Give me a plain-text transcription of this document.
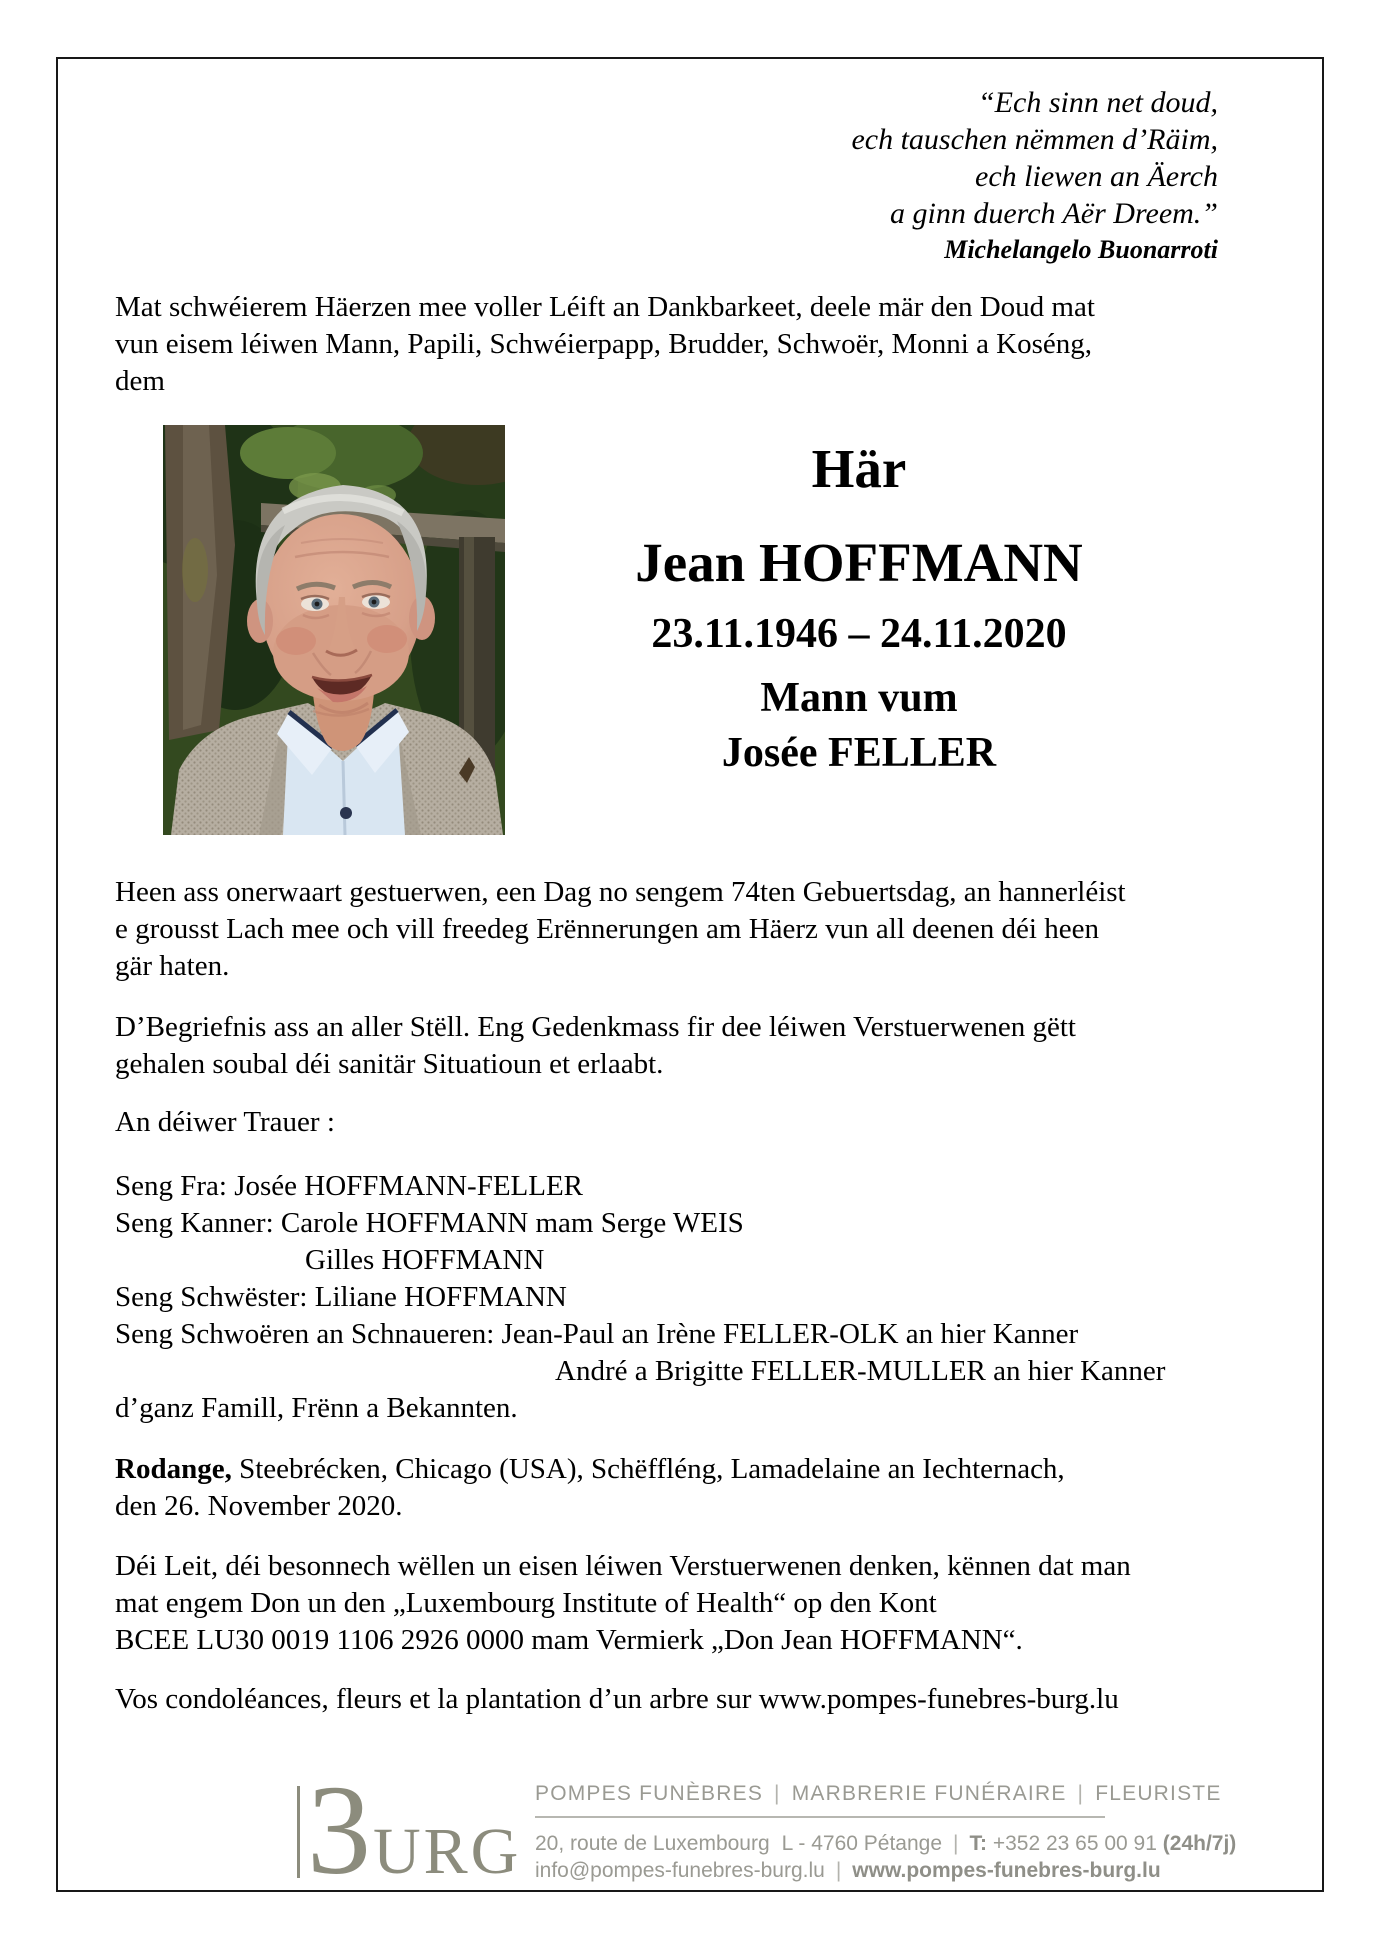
“Ech sinn net doud,
ech tauschen nëmmen d’Räim,
ech liewen an Äerch
a ginn duerch Aër Dreem.”
Michelangelo Buonarroti
Mat schwéierem Häerzen mee voller Léift an Dankbarkeet, deele mär den Doud mat
vun eisem léiwen Mann, Papili, Schwéierpapp, Brudder, Schwoër, Monni a Koséng,
dem
Här
Jean HOFFMANN
23.11.1946 – 24.11.2020
Mann vum
Josée FELLER
Heen ass onerwaart gestuerwen, een Dag no sengem 74ten Gebuertsdag, an hannerléist
e grousst Lach mee och vill freedeg Erënnerungen am Häerz vun all deenen déi heen
gär haten.
D’Begriefnis ass an aller Stëll. Eng Gedenkmass fir dee léiwen Verstuerwenen gëtt
gehalen soubal déi sanitär Situatioun et erlaabt.
An déiwer Trauer :
Seng Fra: Josée HOFFMANN-FELLER
Seng Kanner: Carole HOFFMANN mam Serge WEIS
Gilles HOFFMANN
Seng Schwëster: Liliane HOFFMANN
Seng Schwoëren an Schnaueren: Jean-Paul an Irène FELLER-OLK an hier Kanner
André a Brigitte FELLER-MULLER an hier Kanner
d’ganz Famill, Frënn a Bekannten.
Rodange, Steebrécken, Chicago (USA), Schëffléng, Lamadelaine an Iechternach,
den 26. November 2020.
Déi Leit, déi besonnech wëllen un eisen léiwen Verstuerwenen denken, kënnen dat man
mat engem Don un den „Luxembourg Institute of Health“ op den Kont
BCEE LU30 0019 1106 2926 0000 mam Vermierk „Don Jean HOFFMANN“.
Vos condoléances, fleurs et la plantation d’un arbre sur www.pompes-funebres-burg.lu
3 URG
POMPES FUNÈBRES | MARBRERIE FUNÉRAIRE | FLEURISTE
20, route de Luxembourg L - 4760 Pétange | T: +352 23 65 00 91 (24h/7j)
info@pompes-funebres-burg.lu | www.pompes-funebres-burg.lu
